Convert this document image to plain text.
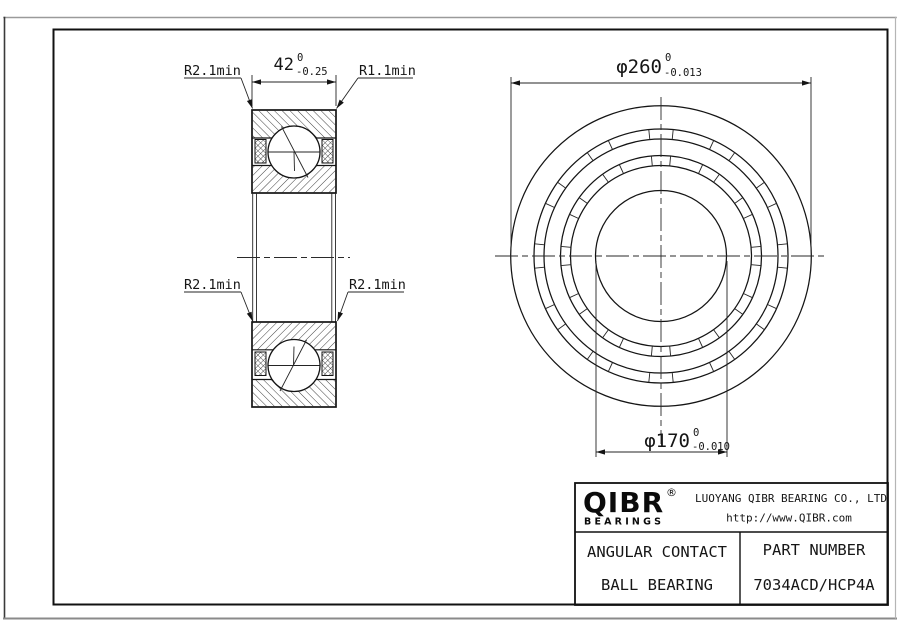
42 0
-0.25
R2.1min	R1.1min
R2.1min	R2.1min
φ260 0
-0.013
φ170 0
-0.010
QIBR ®
BEARINGS
LUOYANG QIBR BEARING CO., LTD
http://www.QIBR.com
ANGULAR CONTACT
BALL BEARING
PART NUMBER
7034ACD/HCP4A
